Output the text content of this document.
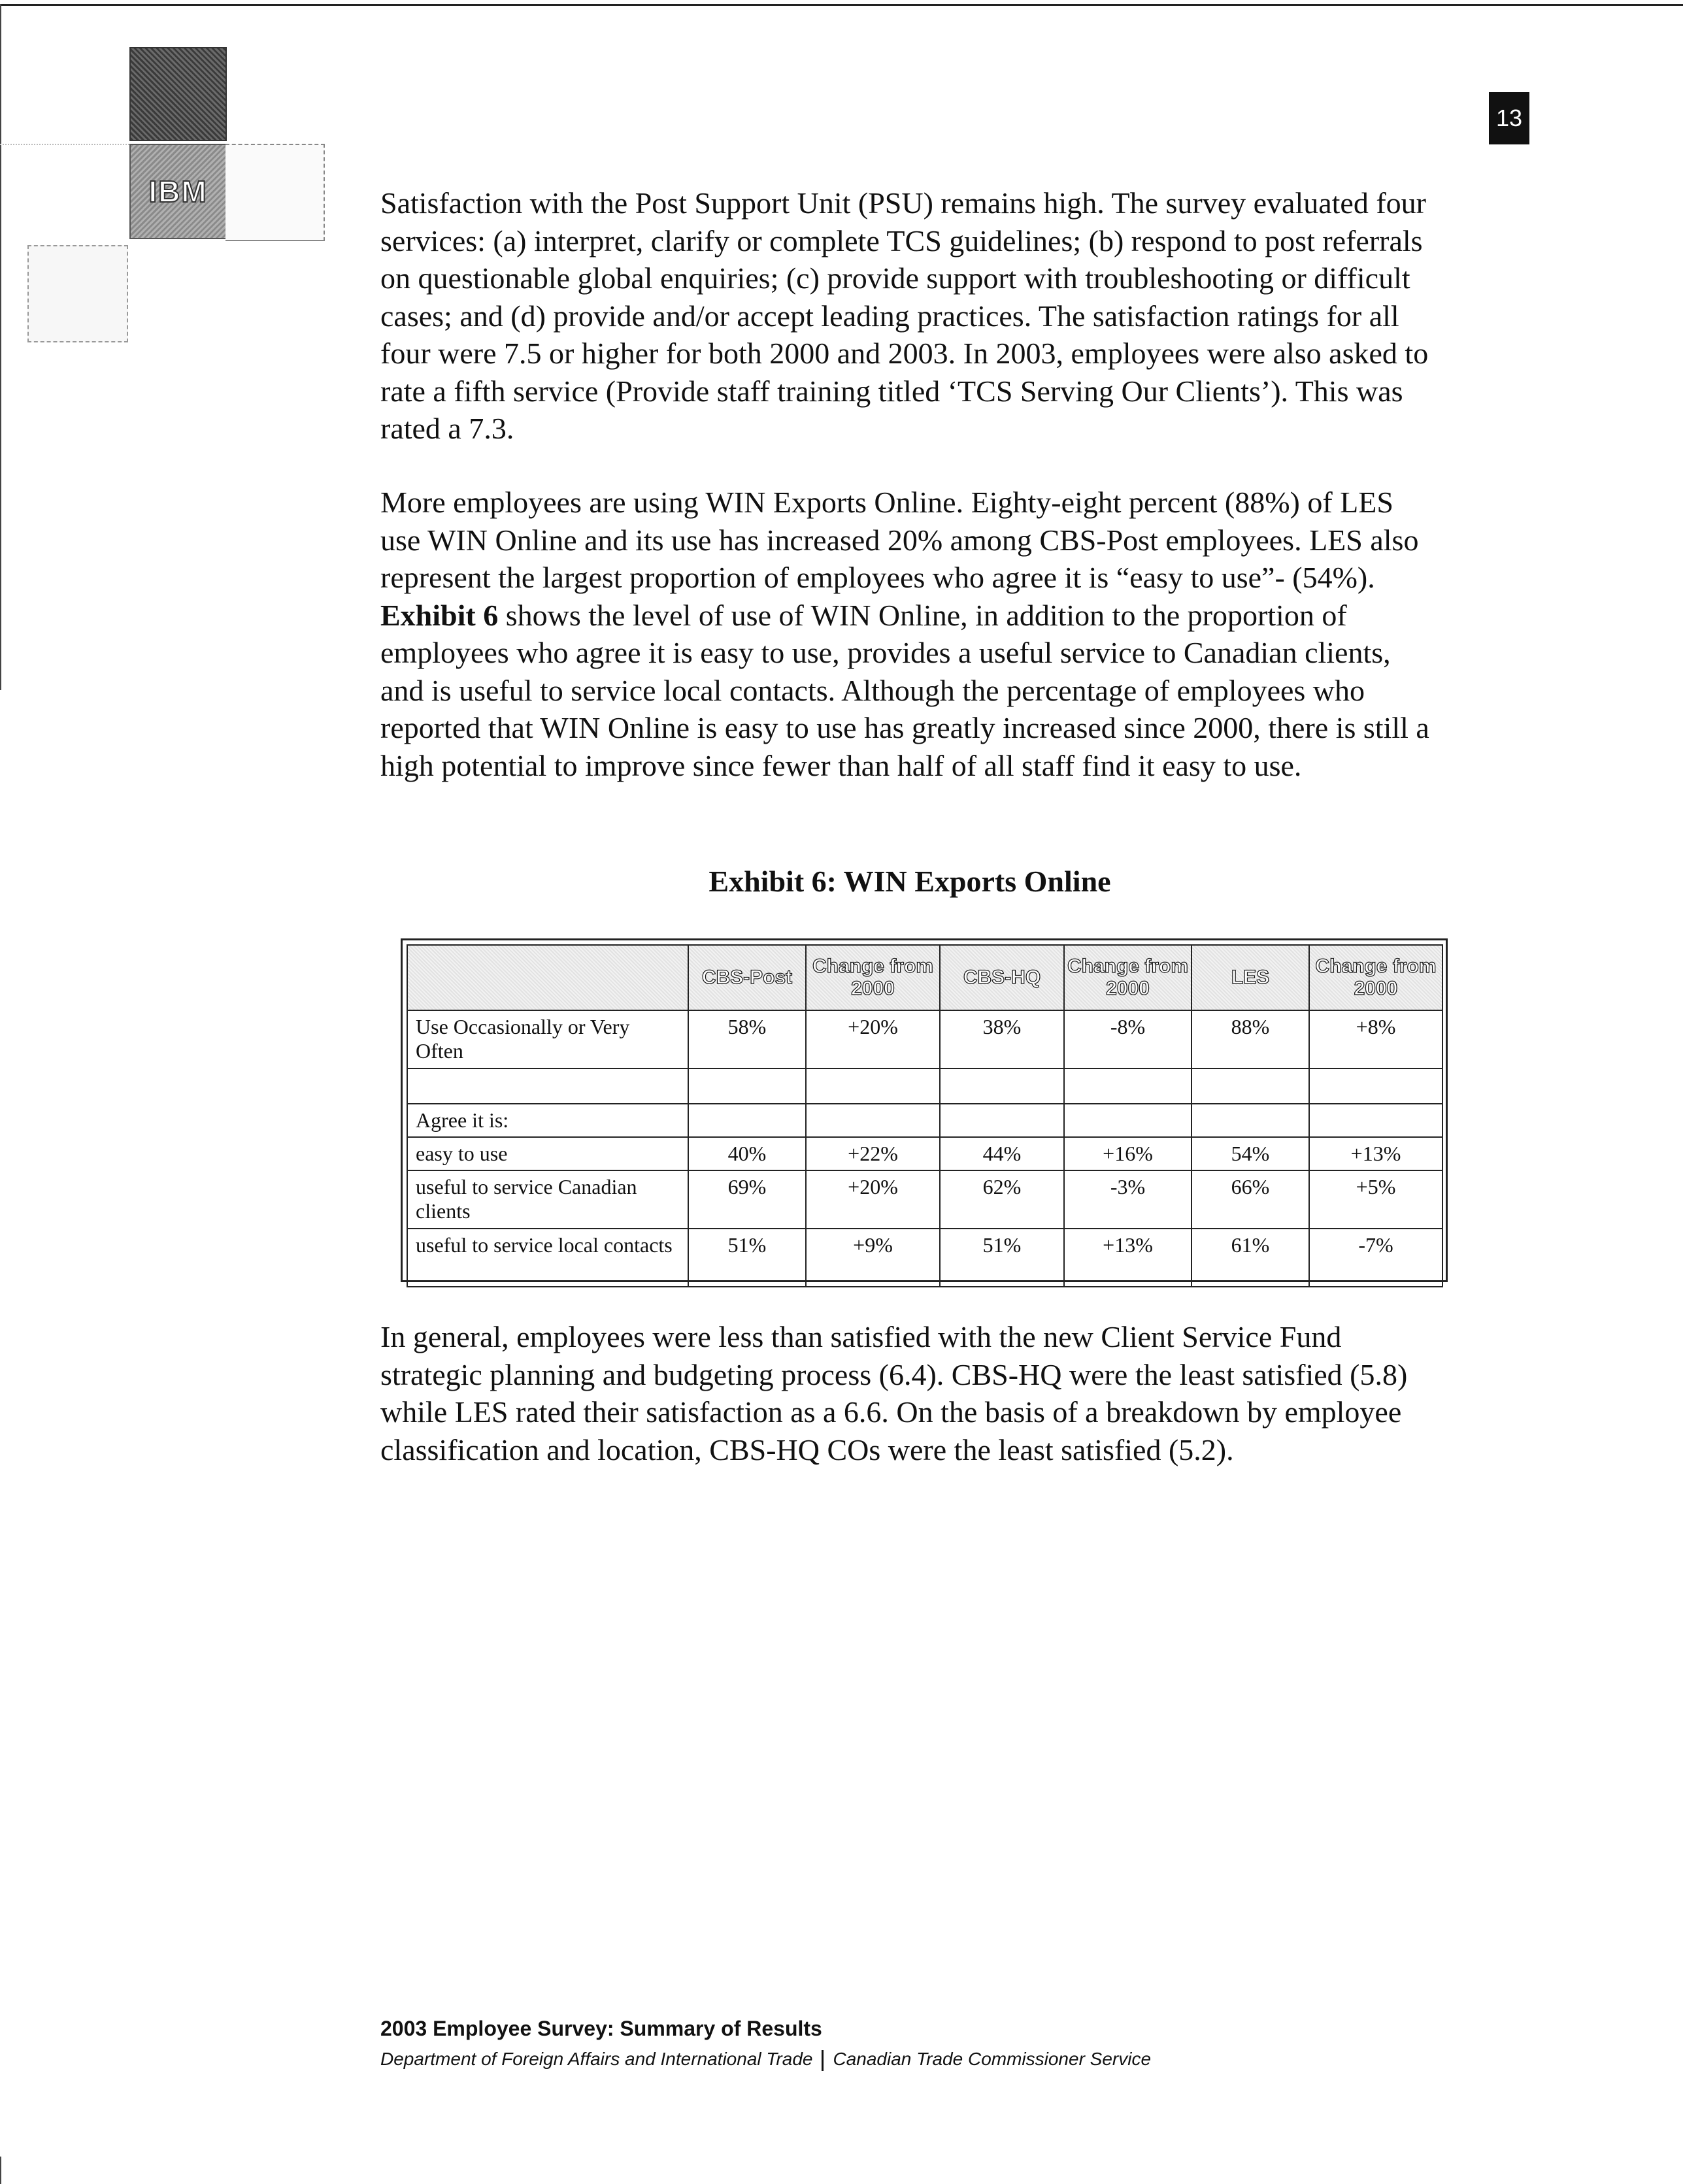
IBM
13

Satisfaction with the Post Support Unit (PSU) remains high. The survey evaluated four services: (a) interpret, clarify or complete TCS guidelines; (b) respond to post referrals on questionable global enquiries; (c) provide support with troubleshooting or difficult cases; and (d) provide and/or accept leading practices. The satisfaction ratings for all four were 7.5 or higher for both 2000 and 2003. In 2003, employees were also asked to rate a fifth service (Provide staff training titled ‘TCS Serving Our Clients’). This was rated a 7.3.

More employees are using WIN Exports Online. Eighty-eight percent (88%) of LES use WIN Online and its use has increased 20% among CBS-Post employees. LES also represent the largest proportion of employees who agree it is “easy to use”- (54%). Exhibit 6 shows the level of use of WIN Online, in addition to the proportion of employees who agree it is easy to use, provides a useful service to Canadian clients, and is useful to service local contacts. Although the percentage of employees who reported that WIN Online is easy to use has greatly increased since 2000, there is still a high potential to improve since fewer than half of all staff find it easy to use.

Exhibit 6: WIN Exports Online
	CBS-Post	Change from 2000	CBS-HQ	Change from 2000	LES	Change from 2000
Use Occasionally or Very Often	58%	+20%	38%	-8%	88%	+8%

Agree it is:						
easy to use	40%	+22%	44%	+16%	54%	+13%
useful to service Canadian clients	69%	+20%	62%	-3%	66%	+5%
useful to service local contacts	51%	+9%	51%	+13%	61%	-7%

In general, employees were less than satisfied with the new Client Service Fund strategic planning and budgeting process (6.4). CBS-HQ were the least satisfied (5.8) while LES rated their satisfaction as a 6.6. On the basis of a breakdown by employee classification and location, CBS-HQ COs were the least satisfied (5.2).

2003 Employee Survey: Summary of Results
Department of Foreign Affairs and International Trade Canadian Trade Commissioner Service
